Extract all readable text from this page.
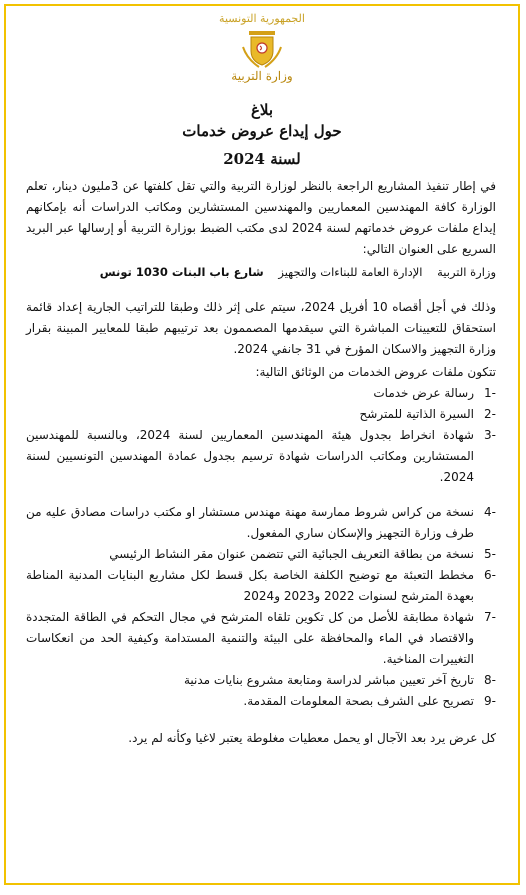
الجمهورية التونسية
وزارة التربية
بلاغ
حول إيداع عروض خدمات
لسنة 2024

في إطار تنفيذ المشاريع الراجعة بالنظر لوزارة التربية والتي تقل كلفتها عن 3مليون دينار، تعلم الوزارة كافة المهندسين المعماريين والمهندسين المستشارين ومكاتب الدراسات أنه بإمكانهم إيداع ملفات عروض خدماتهم لسنة 2024 لدى مكتب الضبط بوزارة التربية أو إرسالها عبر البريد السريع على العنوان التالي:

وزارة التربية    الإدارة العامة للبناءات والتجهيز    شارع باب البنات 1030 تونس

وذلك في أجل أقصاه 10 أفريل 2024، سيتم على إثر ذلك وطبقا للتراتيب الجارية إعداد قائمة استحقاق للتعيينات المباشرة التي سيقدمها المصممون بعد ترتيبهم طبقا للمعايير المبينة بقرار وزارة التجهيز والاسكان المؤرخ في 31 جانفي 2024.

تتكون ملفات عروض الخدمات من الوثائق التالية:

-1
رسالة عرض خدمات
-2
السيرة الذاتية للمترشح
-3
شهادة انخراط بجدول هيئة المهندسين المعماريين لسنة 2024، وبالنسبة للمهندسين المستشارين ومكاتب الدراسات شهادة ترسيم بجدول عمادة المهندسين التونسيين لسنة 2024.
-4
نسخة من كراس شروط ممارسة مهنة مهندس مستشار او مكتب دراسات مصادق عليه من طرف وزارة التجهيز والإسكان ساري المفعول.
-5
نسخة من بطاقة التعريف الجبائية التي تتضمن عنوان مقر النشاط الرئيسي
-6
مخطط التعبئة مع توضيح الكلفة الخاصة بكل قسط لكل مشاريع البنايات المدنية المناطة بعهدة المترشح لسنوات 2022 و2023 و2024
-7
شهادة مطابقة للأصل من كل تكوين تلقاه المترشح في مجال التحكم في الطاقة المتجددة والاقتصاد في الماء والمحافظة على البيئة والتنمية المستدامة وكيفية الحد من انعكاسات التغييرات المناخية.
-8
تاريخ آخر تعيين مباشر لدراسة ومتابعة مشروع بنايات مدنية
-9
تصريح على الشرف بصحة المعلومات المقدمة.

كل عرض يرد بعد الآجال او يحمل معطيات مغلوطة يعتبر لاغيا وكأنه لم يرد.
